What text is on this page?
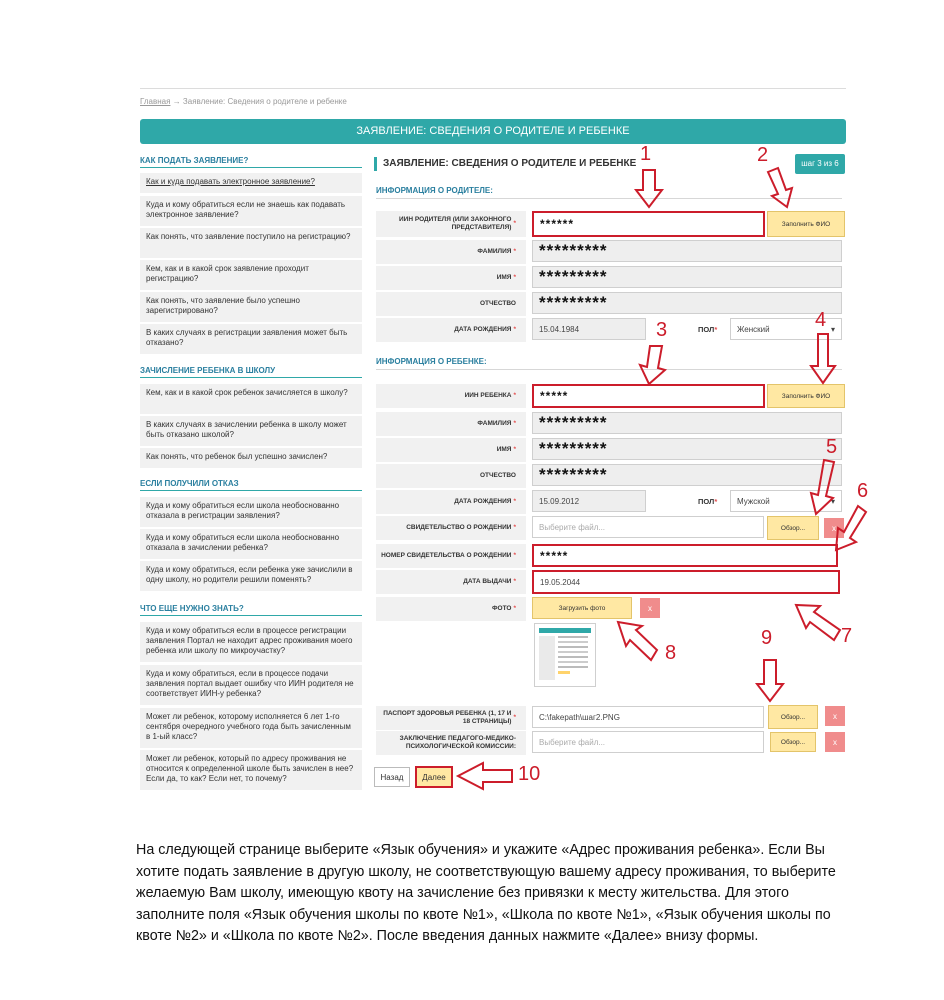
Главная → Заявление: Сведения о родителе и ребенке
ЗАЯВЛЕНИЕ: СВЕДЕНИЯ О РОДИТЕЛЕ И РЕБЕНКЕ
КАК ПОДАТЬ ЗАЯВЛЕНИЕ?
Как и куда подавать электронное заявление?
Куда и кому обратиться если не знаешь как подавать электронное заявление?
Как понять, что заявление поступило на регистрацию?
Кем, как и в какой срок заявление проходит регистрацию?
Как понять, что заявление было успешно зарегистрировано?
В каких случаях в регистрации заявления может быть отказано?
ЗАЧИСЛЕНИЕ РЕБЕНКА В ШКОЛУ
Кем, как и в какой срок ребенок зачисляется в школу?
В каких случаях в зачислении ребенка в школу может быть отказано школой?
Как понять, что ребенок был успешно зачислен?
ЕСЛИ ПОЛУЧИЛИ ОТКАЗ
Куда и кому обратиться если школа необоснованно отказала в регистрации заявления?
Куда и кому обратиться если школа необоснованно отказала в зачислении ребенка?
Куда и кому обратиться, если ребенка уже зачислили в одну школу, но родители решили поменять?
ЧТО ЕЩЕ НУЖНО ЗНАТЬ?
Куда и кому обратиться если в процессе регистрации заявления Портал не находит адрес проживания моего ребенка или школу по микроучастку?
Куда и кому обратиться, если в процессе подачи заявления портал выдает ошибку что ИИН родителя не соответствует ИИН-у ребенка?
Может ли ребенок, которому исполняется 6 лет 1-го сентября очередного учебного года быть зачисленным в 1-ый класс?
Может ли ребенок, который по адресу проживания не относится к определенной школе быть зачислен в нее? Если да, то как? Если нет, то почему?
ЗАЯВЛЕНИЕ: СВЕДЕНИЯ О РОДИТЕЛЕ И РЕБЕНКЕ	шаг 3 из 6
ИНФОРМАЦИЯ О РОДИТЕЛЕ:
ИИН РОДИТЕЛЯ (ИЛИ ЗАКОННОГО ПРЕДСТАВИТЕЛЯ)
*	******	Заполнить ФИО
ФАМИЛИЯ *	*********
ИМЯ *	*********
ОТЧЕСТВО	*********
ДАТА РОЖДЕНИЯ *	15.04.1984	ПОЛ* Женский	▾
ИНФОРМАЦИЯ О РЕБЕНКЕ:
ИИН РЕБЕНКА *	*****	Заполнить ФИО
ФАМИЛИЯ *	*********
ИМЯ *	*********
ОТЧЕСТВО	*********
ДАТА РОЖДЕНИЯ *	15.09.2012	ПОЛ* Мужской	▾
СВИДЕТЕЛЬСТВО О РОЖДЕНИИ *	Выберите файл...	Обзор...	x
НОМЕР СВИДЕТЕЛЬСТВА О РОЖДЕНИИ *	*****
ДАТА ВЫДАЧИ *	19.05.2044
ФОТО *	Загрузить фото	x
ПАСПОРТ ЗДОРОВЬЯ РЕБЕНКА (1, 17 И 18 СТРАНИЦЫ)
*	C:\fakepath\шаг2.PNG	Обзор...	x
ЗАКЛЮЧЕНИЕ ПЕДАГОГО-МЕДИКО-ПСИХОЛОГИЧЕСКОЙ КОМИССИИ:	Выберите файл...	Обзор...	x
Назад	Далее
1	2
3	4
5
6
7
8
9
10
На следующей странице выберите «Язык обучения» и укажите «Адрес проживания ребенка». Если Вы хотите подать заявление в другую школу, не соответствующую вашему адресу проживания, то выберите желаемую Вам школу, имеющую квоту на зачисление без привязки к месту жительства. Для этого заполните поля «Язык обучения школы по квоте №1», «Школа по квоте №1», «Язык обучения школы по квоте №2» и «Школа по квоте №2». После введения данных нажмите «Далее» внизу формы.
